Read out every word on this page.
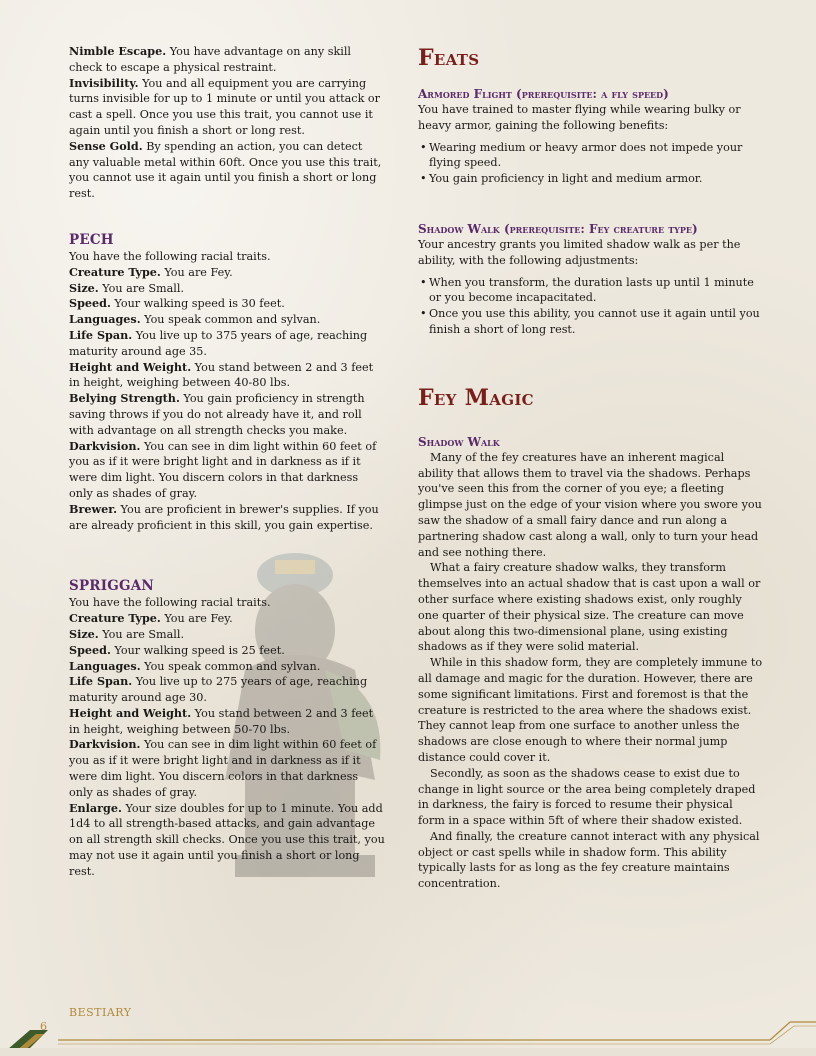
Nimble Escape. You have advantage on any skill check to escape a physical restraint.

Invisibility. You and all equipment you are carrying turns invisible for up to 1 minute or until you attack or cast a spell. Once you use this trait, you cannot use it again until you finish a short or long rest.

Sense Gold. By spending an action, you can detect any valuable metal within 60ft. Once you use this trait, you cannot use it again until you finish a short or long rest.

PECH

You have the following racial traits.

Creature Type. You are Fey.

Size. You are Small.

Speed. Your walking speed is 30 feet.

Languages. You speak common and sylvan.

Life Span. You live up to 375 years of age, reaching maturity around age 35.

Height and Weight. You stand between 2 and 3 feet in height, weighing between 40-80 lbs.

Belying Strength. You gain proficiency in strength saving throws if you do not already have it, and roll with advantage on all strength checks you make.

Darkvision. You can see in dim light within 60 feet of you as if it were bright light and in darkness as if it were dim light. You discern colors in that darkness only as shades of gray.

Brewer. You are proficient in brewer's supplies. If you are already proficient in this skill, you gain expertise.

SPRIGGAN

You have the following racial traits.

Creature Type. You are Fey.

Size. You are Small.

Speed. Your walking speed is 25 feet.

Languages. You speak common and sylvan.

Life Span. You live up to 275 years of age, reaching maturity around age 30.

Height and Weight. You stand between 2 and 3 feet in height, weighing between 50-70 lbs.

Darkvision. You can see in dim light within 60 feet of you as if it were bright light and in darkness as if it were dim light. You discern colors in that darkness only as shades of gray.

Enlarge. Your size doubles for up to 1 minute. You add 1d4 to all strength-based attacks, and gain advantage on all strength skill checks. Once you use this trait, you may not use it again until you finish a short or long rest.

Feats
Armored Flight (prerequisite: a fly speed)

You have trained to master flying while wearing bulky or heavy armor, gaining the following benefits:

• Wearing medium or heavy armor does not impede your flying speed.
• You gain proficiency in light and medium armor.
Shadow Walk (prerequisite: Fey creature type)

Your ancestry grants you limited shadow walk as per the ability, with the following adjustments:

• When you transform, the duration lasts up until 1 minute or you become incapacitated.
• Once you use this ability, you cannot use it again until you finish a short of long rest.
Fey Magic
Shadow Walk

Many of the fey creatures have an inherent magical ability that allows them to travel via the shadows. Perhaps you've seen this from the corner of you eye; a fleeting glimpse just on the edge of your vision where you swore you saw the shadow of a small fairy dance and run along a partnering shadow cast along a wall, only to turn your head and see nothing there.

What a fairy creature shadow walks, they transform themselves into an actual shadow that is cast upon a wall or other surface where existing shadows exist, only roughly one quarter of their physical size. The creature can move about along this two-dimensional plane, using existing shadows as if they were solid material.

While in this shadow form, they are completely immune to all damage and magic for the duration. However, there are some significant limitations. First and foremost is that the creature is restricted to the area where the shadows exist. They cannot leap from one surface to another unless the shadows are close enough to where their normal jump distance could cover it.

Secondly, as soon as the shadows cease to exist due to change in light source or the area being completely draped in darkness, the fairy is forced to resume their physical form in a space within 5ft of where their shadow existed.

And finally, the creature cannot interact with any physical object or cast spells while in shadow form. This ability typically lasts for as long as the fey creature maintains concentration.

BESTIARY
6
